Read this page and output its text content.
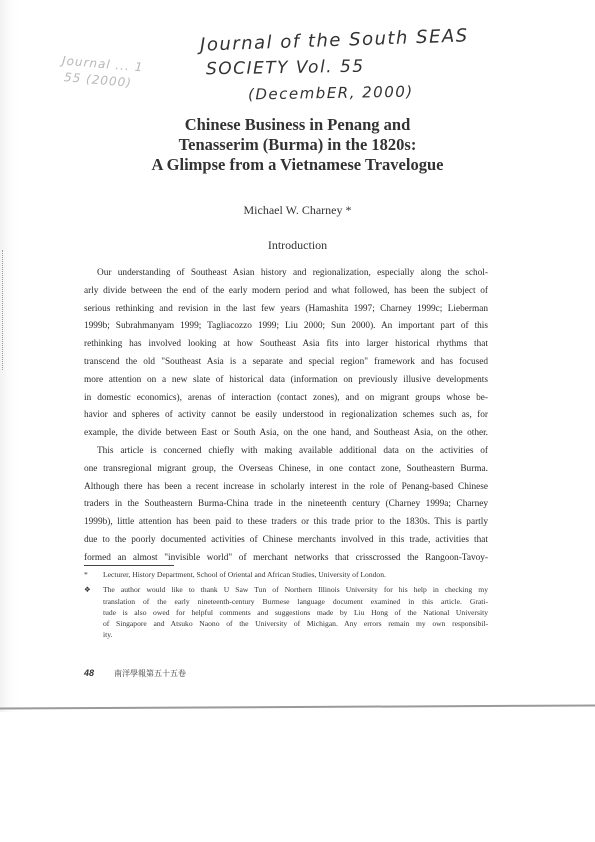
Journal ... 1
55 (2000)
Journal of the South SEAS
SOCIETY Vol. 55
(DecembER, 2000)
Chinese Business in Penang and
Tenasserim (Burma) in the 1820s:
A Glimpse from a Vietnamese Travelogue
Michael W. Charney *
Introduction

Our understanding of Southeast Asian history and regionalization, especially along the schol-
arly divide between the end of the early modern period and what followed, has been the subject of
serious rethinking and revision in the last few years (Hamashita 1997; Charney 1999c; Lieberman
1999b; Subrahmanyam 1999; Tagliacozzo 1999; Liu 2000; Sun 2000). An important part of this
rethinking has involved looking at how Southeast Asia fits into larger historical rhythms that
transcend the old "Southeast Asia is a separate and special region" framework and has focused
more attention on a new slate of historical data (information on previously illusive developments
in domestic economics), arenas of interaction (contact zones), and on migrant groups whose be-
havior and spheres of activity cannot be easily understood in regionalization schemes such as, for
example, the divide between East or South Asia, on the one hand, and Southeast Asia, on the other.

This article is concerned chiefly with making available additional data on the activities of
one transregional migrant group, the Overseas Chinese, in one contact zone, Southeastern Burma.
Although there has been a recent increase in scholarly interest in the role of Penang-based Chinese
traders in the Southeastern Burma-China trade in the nineteenth century (Charney 1999a; Charney
1999b), little attention has been paid to these traders or this trade prior to the 1830s. This is partly
due to the poorly documented activities of Chinese merchants involved in this trade, activities that
formed an almost "invisible world" of merchant networks that crisscrossed the Rangoon-Tavoy-

* Lecturer, History Department, School of Oriental and African Studies, University of London.
❖ The author would like to thank U Saw Tun of Northern Illinois University for his help in checking my
translation of the early nineteenth-century Burmese language document examined in this article. Grati-
tude is also owed for helpful comments and suggestions made by Liu Hong of the National University
of Singapore and Atsuko Naono of the University of Michigan. Any errors remain my own responsibil-
ity.
48	南洋學報第五十五卷
